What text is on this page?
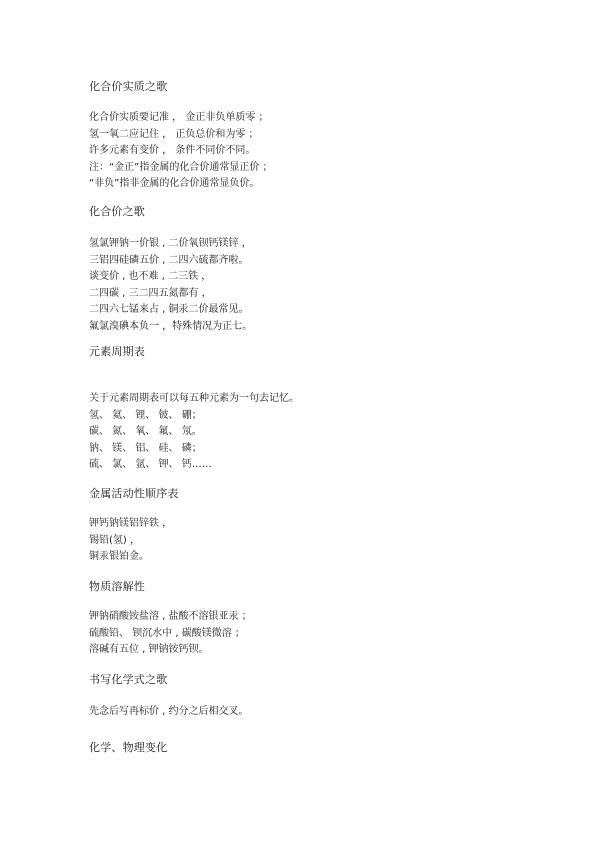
化合价实质之歌
化合价实质要记准 ， 金正非负单质零 ；
氢一氧二应记住 ， 正负总价和为零 ；
许多元素有变价 ， 条件不同价不同。
注：“金正”指金属的化合价通常显正价 ；
“非负”指非金属的化合价通常显负价。
化合价之歌
氢氯钾钠一价银 , 二价氧钡钙镁锌 ，
三铝四硅磷五价 , 二四六硫都齐啦。
谈变价 , 也不难 , 二三铁 ，
二四碳 , 三二四五氮都有 ，
二四六七锰来占 , 铜汞二价最常见。
氟氯溴碘本负一 ，特殊情况为正七。
元素周期表
关于元素周期表可以每五种元素为一句去记忆。
氢、 氦、 锂、 铍、 硼；
碳、 氮、 氧、 氟、 氖。
钠、 镁、 铝、 硅、 磷；
硫、 氯、 氩、 钾、 钙……
金属活动性顺序表
钾钙钠镁铝锌铁 ，
锡铅(氢) ，
铜汞银铂金。
物质溶解性
钾钠硝酸铵盐溶 , 盐酸不溶银亚汞 ；
硫酸铅、 钡沉水中 , 碳酸镁微溶 ；
溶碱有五位 , 钾钠铵钙钡。
书写化学式之歌
先念后写再标价 , 约分之后相交叉。
化学、物理变化
